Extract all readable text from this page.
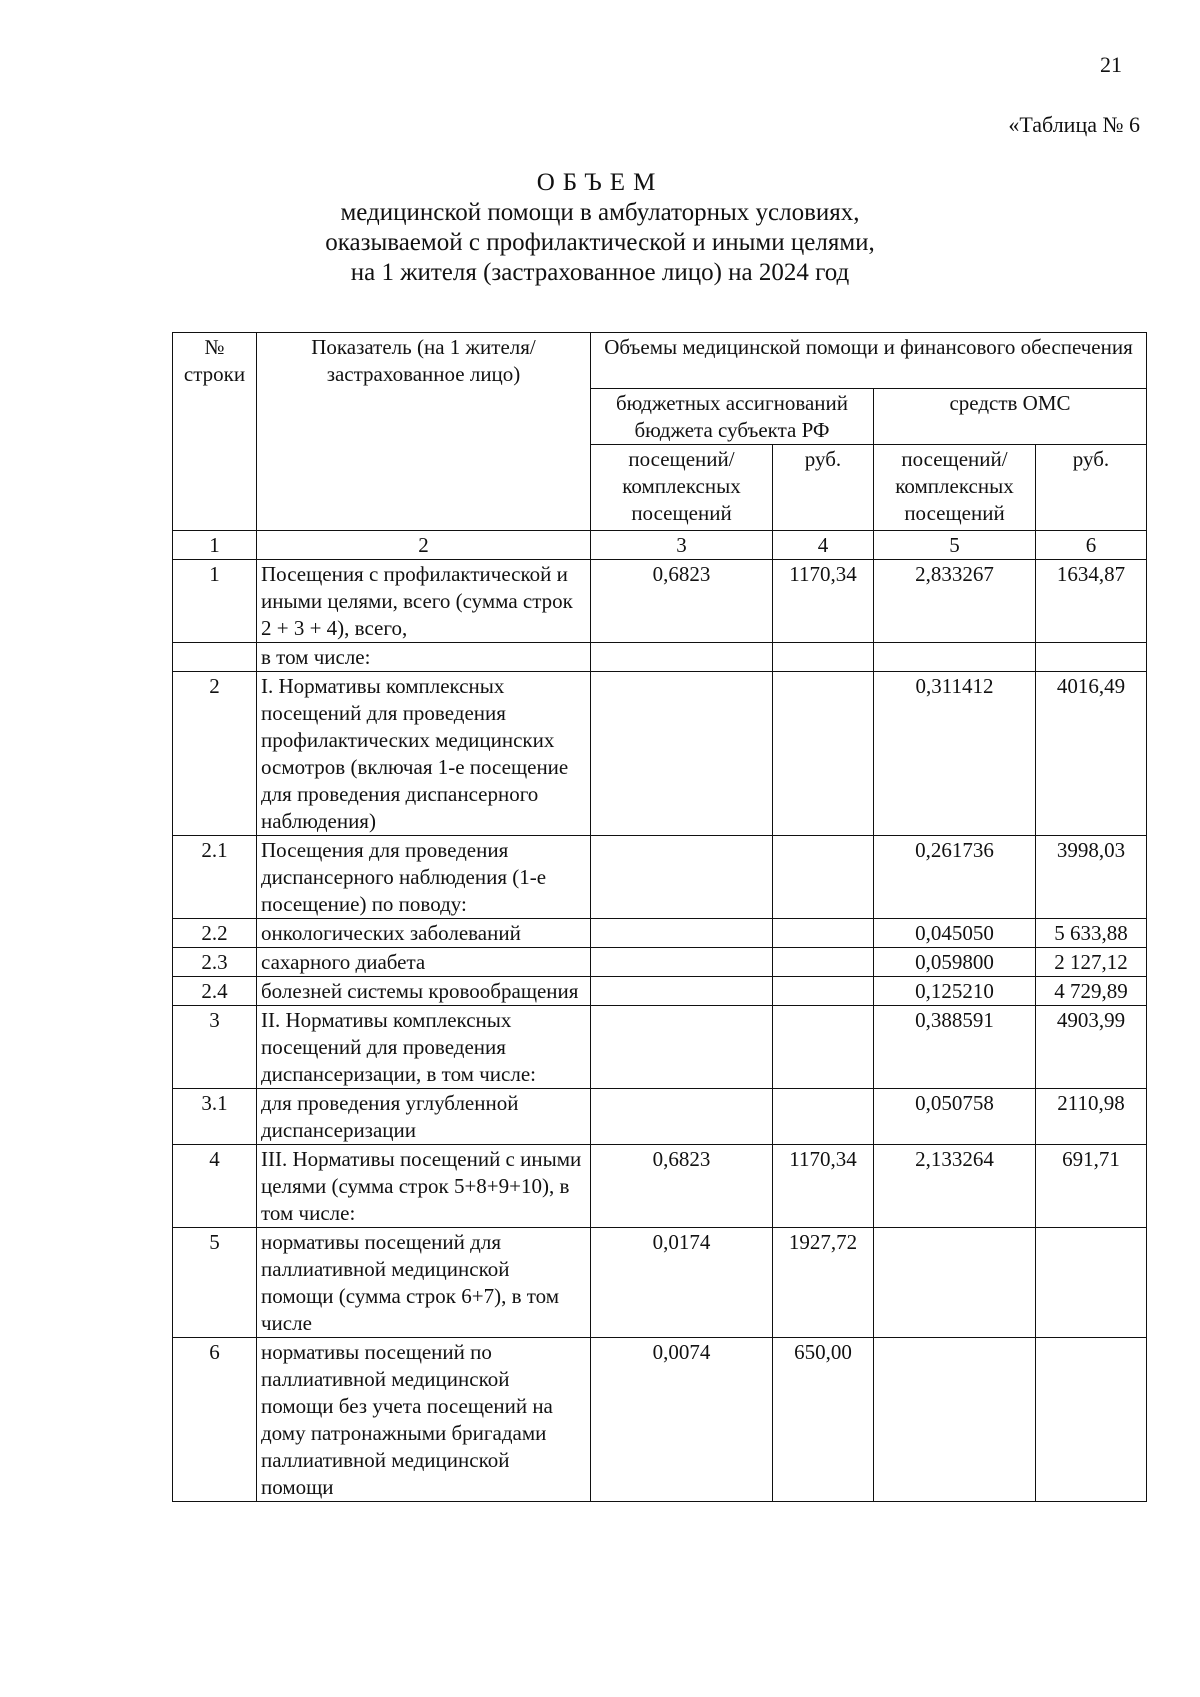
21
«Таблица № 6
ОБЪЕМ
медицинской помощи в амбулаторных условиях,
оказываемой с профилактической и иными целями,
на 1 жителя (застрахованное лицо) на 2024 год
№ строки	Показатель (на 1 жителя/застрахованное лицо)	Объемы медицинской помощи и финансового обеспечения			
		бюджетных ассигнований бюджета субъекта РФ		средств ОМС	
		посещений/ комплексных посещений	руб.	посещений/ комплексных посещений	руб.
1	2	3	4	5	6
1	Посещения с профилактической и иными целями, всего (сумма строк 2 + 3 + 4), всего,	0,6823	1170,34	2,833267	1634,87
	в том числе:				
2	I. Нормативы комплексных посещений для проведения профилактических медицинских осмотров (включая 1-е посещение для проведения диспансерного наблюдения)			0,311412	4016,49
2.1	Посещения для проведения диспансерного наблюдения (1-е посещение) по поводу:			0,261736	3998,03
2.2	онкологических заболеваний			0,045050	5 633,88
2.3	сахарного диабета			0,059800	2 127,12
2.4	болезней системы кровообращения			0,125210	4 729,89
3	II. Нормативы комплексных посещений для проведения диспансеризации, в том числе:			0,388591	4903,99
3.1	для проведения углубленной диспансеризации			0,050758	2110,98
4	III. Нормативы посещений с иными целями (сумма строк 5+8+9+10), в том числе:	0,6823	1170,34	2,133264	691,71
5	нормативы посещений для паллиативной медицинской помощи (сумма строк 6+7), в том числе	0,0174	1927,72		
6	нормативы посещений по паллиативной медицинской помощи без учета посещений на дому патронажными бригадами паллиативной медицинской помощи	0,0074	650,00		
